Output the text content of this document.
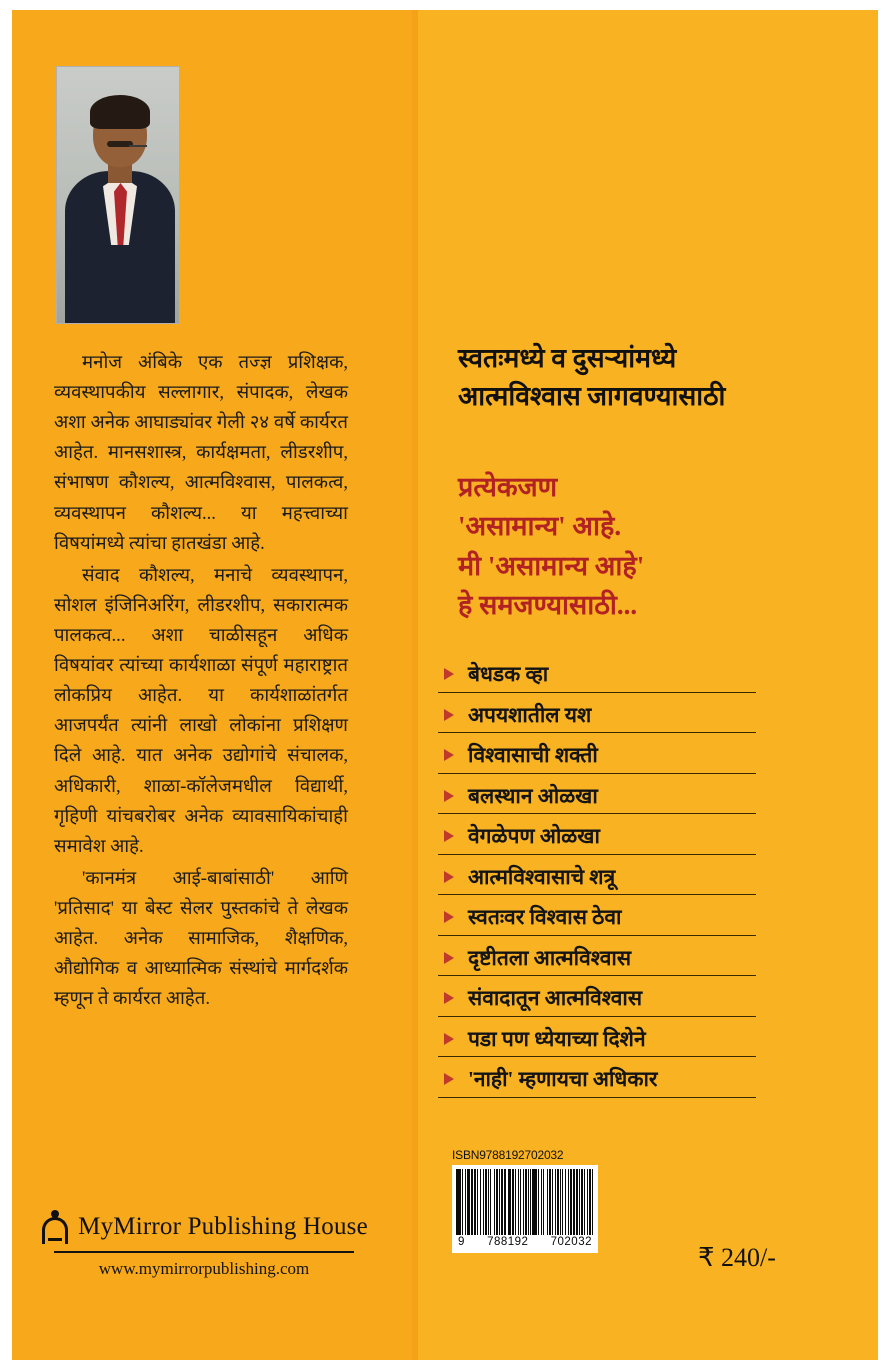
मनोज अंबिके एक तज्ज्ञ प्रशिक्षक, व्यवस्थापकीय सल्लागार, संपादक, लेखक अशा अनेक आघाड्यांवर गेली २४ वर्षे कार्यरत आहेत. मानसशास्त्र, कार्यक्षमता, लीडरशीप, संभाषण कौशल्य, आत्मविश्वास, पालकत्व, व्यवस्थापन कौशल्य... या महत्त्वाच्या विषयांमध्ये त्यांचा हातखंडा आहे.

संवाद कौशल्य, मनाचे व्यवस्थापन, सोशल इंजिनिअरिंग, लीडरशीप, सकारात्मक पालकत्व... अशा चाळीसहून अधिक विषयांवर त्यांच्या कार्यशाळा संपूर्ण महाराष्ट्रात लोकप्रिय आहेत. या कार्यशाळांतर्गत आजपर्यंत त्यांनी लाखो लोकांना प्रशिक्षण दिले आहे. यात अनेक उद्योगांचे संचालक, अधिकारी, शाळा-कॉलेजमधील विद्यार्थी, गृहिणी यांचबरोबर अनेक व्यावसायिकांचाही समावेश आहे.

'कानमंत्र आई-बाबांसाठी' आणि 'प्रतिसाद' या बेस्ट सेलर पुस्तकांचे ते लेखक आहेत. अनेक सामाजिक, शैक्षणिक, औद्योगिक व आध्यात्मिक संस्थांचे मार्गदर्शक म्हणून ते कार्यरत आहेत.

MyMirror Publishing House
www.mymirrorpublishing.com
स्वतःमध्ये व दुसऱ्यांमध्ये
आत्मविश्वास जागवण्यासाठी
प्रत्येकजण
'असामान्य' आहे.
मी 'असामान्य आहे'
हे समजण्यासाठी...
बेधडक व्हा
अपयशातील यश
विश्वासाची शक्ती
बलस्थान ओळखा
वेगळेपण ओळखा
आत्मविश्वासाचे शत्रू
स्वतःवर विश्वास ठेवा
दृष्टीतला आत्मविश्वास
संवादातून आत्मविश्वास
पडा पण ध्येयाच्या दिशेने
'नाही' म्हणायचा अधिकार
ISBN9788192702032
9 788192 702032
₹ 240/-
